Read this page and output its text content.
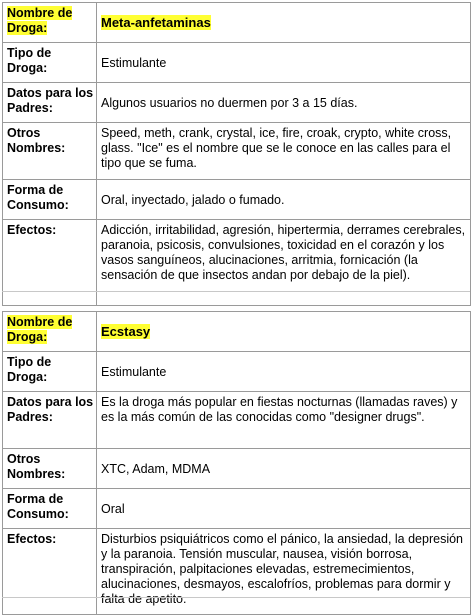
Nombre de Droga:	Meta-anfetaminas
Tipo de Droga:	Estimulante
Datos para los Padres:	Algunos usuarios no duermen por 3 a 15 días.
Otros Nombres:	Speed, meth, crank, crystal, ice, fire, croak, crypto, white cross, glass. "Ice" es el nombre que se le conoce en las calles para el tipo que se fuma.
Forma de Consumo:	Oral, inyectado, jalado o fumado.
Efectos:	Adicción, irritabilidad, agresión, hipertermia, derrames cerebrales, paranoia, psicosis, convulsiones, toxicidad en el corazón y los vasos sanguíneos, alucinaciones, arritmia, fornicación (la sensación de que insectos andan por debajo de la piel).
Nombre de Droga:	Ecstasy
Tipo de Droga:	Estimulante
Datos para los Padres:	Es la droga más popular en fiestas nocturnas (llamadas raves) y es la más común de las conocidas como "designer drugs".
Otros Nombres:	XTC, Adam, MDMA
Forma de Consumo:	Oral
Efectos:	Disturbios psiquiátricos como el pánico, la ansiedad, la depresión y la paranoia. Tensión muscular, nausea, visión borrosa, transpiración, palpitaciones elevadas, estremecimientos, alucinaciones, desmayos, escalofríos, problemas para dormir y falta de apetito.
